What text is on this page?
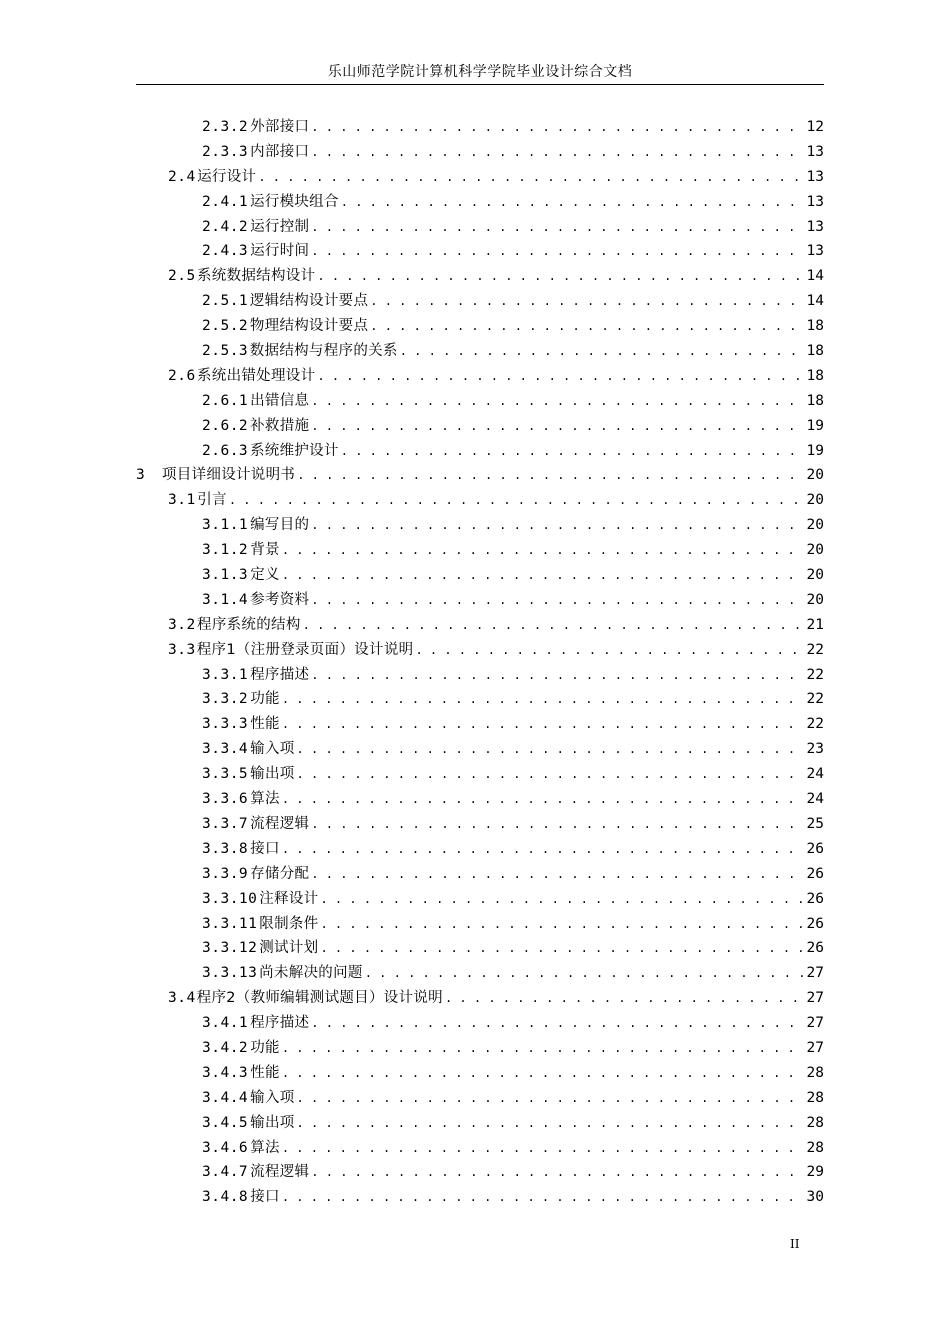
乐山师范学院计算机科学学院毕业设计综合文档
2.3.2 外部接口 . . .	12
2.3.3 内部接口 . . .	13
2.4 运行设计 . . .	13
2.4.1 运行模块组合 . . .	13
2.4.2 运行控制 . . .	13
2.4.3 运行时间 . . .	13
2.5 系统数据结构设计 . . .	14
2.5.1 逻辑结构设计要点 . . .	14
2.5.2 物理结构设计要点 . . .	18
2.5.3 数据结构与程序的关系 . . .	18
2.6 系统出错处理设计 . . .	18
2.6.1 出错信息 . . .	18
2.6.2 补救措施 . . .	19
2.6.3 系统维护设计 . . .	19
3	项目详细设计说明书 . . .	20
3.1 引言 . . .	20
3.1.1 编写目的 . . .	20
3.1.2 背景 . . .	20
3.1.3 定义 . . .	20
3.1.4 参考资料 . . .	20
3.2 程序系统的结构 . . .	21
3.3 程序1（注册登录页面）设计说明 . . .	22
3.3.1 程序描述 . . .	22
3.3.2 功能 . . .	22
3.3.3 性能 . . .	22
3.3.4 输入项 . . .	23
3.3.5 输出项 . . .	24
3.3.6 算法 . . .	24
3.3.7 流程逻辑 . . .	25
3.3.8 接口 . . .	26
3.3.9 存储分配 . . .	26
3.3.10 注释设计 . . .	26
3.3.11 限制条件 . . .	26
3.3.12 测试计划 . . .	26
3.3.13 尚未解决的问题 . . .	27
3.4 程序2（教师编辑测试题目）设计说明 . . .	27
3.4.1 程序描述 . . .	27
3.4.2 功能 . . .	27
3.4.3 性能 . . .	28
3.4.4 输入项 . . .	28
3.4.5 输出项 . . .	28
3.4.6 算法 . . .	28
3.4.7 流程逻辑 . . .	29
3.4.8 接口 . . .	30
II
